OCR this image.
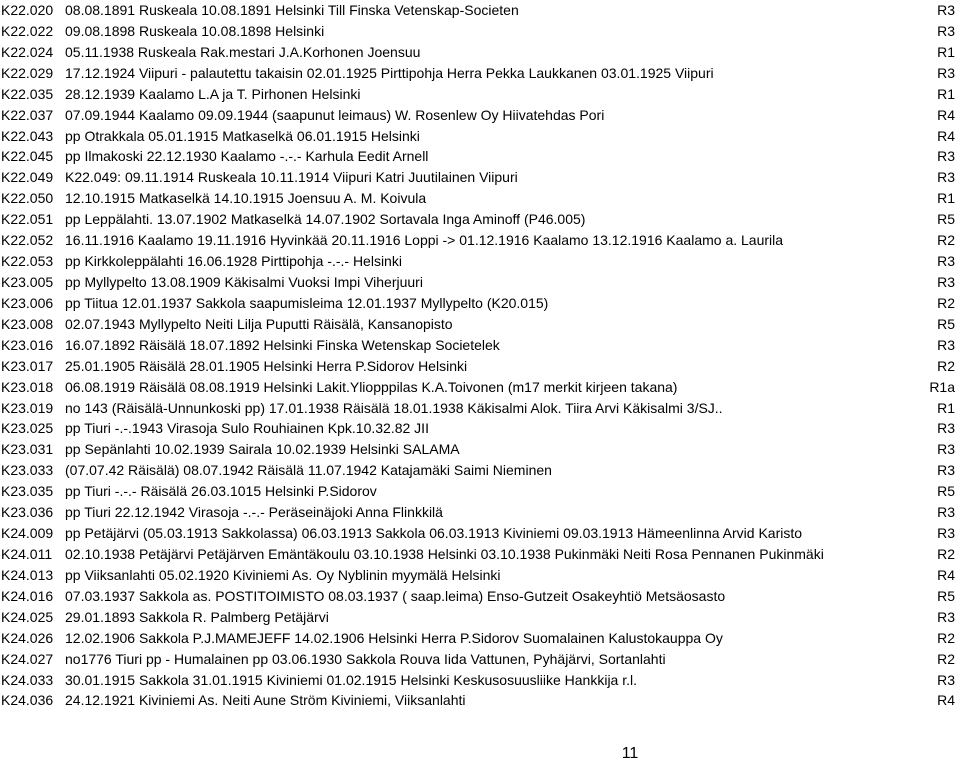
K22.020 08.08.1891 Ruskeala 10.08.1891 Helsinki Till Finska Vetenskap-Societen	R3
K22.022 09.08.1898 Ruskeala 10.08.1898 Helsinki	R3
K22.024 05.11.1938 Ruskeala Rak.mestari J.A.Korhonen Joensuu	R1
K22.029 17.12.1924 Viipuri - palautettu takaisin 02.01.1925 Pirttipohja Herra Pekka Laukkanen 03.01.1925 Viipuri	R3
K22.035 28.12.1939 Kaalamo L.A ja T. Pirhonen Helsinki	R1
K22.037 07.09.1944 Kaalamo 09.09.1944 (saapunut leimaus) W. Rosenlew Oy Hiivatehdas Pori	R4
K22.043 pp Otrakkala 05.01.1915 Matkaselkä 06.01.1915 Helsinki	R4
K22.045 pp Ilmakoski 22.12.1930 Kaalamo -.-.- Karhula Eedit Arnell	R3
K22.049 K22.049: 09.11.1914 Ruskeala 10.11.1914 Viipuri Katri Juutilainen Viipuri	R3
K22.050 12.10.1915 Matkaselkä 14.10.1915 Joensuu A. M. Koivula	R1
K22.051 pp Leppälahti. 13.07.1902 Matkaselkä 14.07.1902 Sortavala Inga Aminoff (P46.005)	R5
K22.052 16.11.1916 Kaalamo 19.11.1916 Hyvinkää 20.11.1916 Loppi -> 01.12.1916 Kaalamo 13.12.1916 Kaalamo a. Laurila	R2
K22.053 pp Kirkkoleppälahti 16.06.1928 Pirttipohja -.-.- Helsinki	R3
K23.005 pp Myllypelto 13.08.1909 Käkisalmi Vuoksi Impi Viherjuuri	R3
K23.006 pp Tiitua 12.01.1937 Sakkola saapumisleima 12.01.1937 Myllypelto (K20.015)	R2
K23.008 02.07.1943 Myllypelto Neiti Lilja Puputti Räisälä, Kansanopisto	R5
K23.016 16.07.1892 Räisälä 18.07.1892 Helsinki Finska Wetenskap Societelek	R3
K23.017 25.01.1905 Räisälä 28.01.1905 Helsinki Herra P.Sidorov Helsinki	R2
K23.018 06.08.1919 Räisälä 08.08.1919 Helsinki Lakit.Yliopppilas K.A.Toivonen (m17 merkit kirjeen takana)	R1a
K23.019 no 143 (Räisälä-Unnunkoski pp) 17.01.1938 Räisälä 18.01.1938 Käkisalmi Alok. Tiira Arvi Käkisalmi 3/SJ..	R1
K23.025 pp Tiuri -.-.1943 Virasoja Sulo Rouhiainen Kpk.10.32.82 JII	R3
K23.031 pp Sepänlahti 10.02.1939 Sairala 10.02.1939 Helsinki SALAMA	R3
K23.033 (07.07.42 Räisälä) 08.07.1942 Räisälä 11.07.1942 Katajamäki Saimi Nieminen	R3
K23.035 pp Tiuri -.-.- Räisälä 26.03.1015 Helsinki P.Sidorov	R5
K23.036 pp Tiuri 22.12.1942 Virasoja -.-.- Peräseinäjoki Anna Flinkkilä	R3
K24.009 pp Petäjärvi (05.03.1913 Sakkolassa) 06.03.1913 Sakkola 06.03.1913 Kiviniemi 09.03.1913 Hämeenlinna Arvid Karisto	R3
K24.011 02.10.1938 Petäjärvi Petäjärven Emäntäkoulu 03.10.1938 Helsinki 03.10.1938 Pukinmäki Neiti Rosa Pennanen Pukinmäki	R2
K24.013 pp Viiksanlahti 05.02.1920 Kiviniemi As. Oy Nyblinin myymälä Helsinki	R4
K24.016 07.03.1937 Sakkola as. POSTITOIMISTO 08.03.1937 ( saap.leima) Enso-Gutzeit Osakeyhtiö Metsäosasto	R5
K24.025 29.01.1893 Sakkola R. Palmberg Petäjärvi	R3
K24.026 12.02.1906 Sakkola P.J.MAMEJEFF 14.02.1906 Helsinki Herra P.Sidorov Suomalainen Kalustokauppa Oy	R2
K24.027 no1776 Tiuri pp - Humalainen pp 03.06.1930 Sakkola Rouva Iida Vattunen, Pyhäjärvi, Sortanlahti	R2
K24.033 30.01.1915 Sakkola 31.01.1915 Kiviniemi 01.02.1915 Helsinki Keskusosuusliike Hankkija r.l.	R3
K24.036 24.12.1921 Kiviniemi As. Neiti Aune Ström Kiviniemi, Viiksanlahti	R4
11
